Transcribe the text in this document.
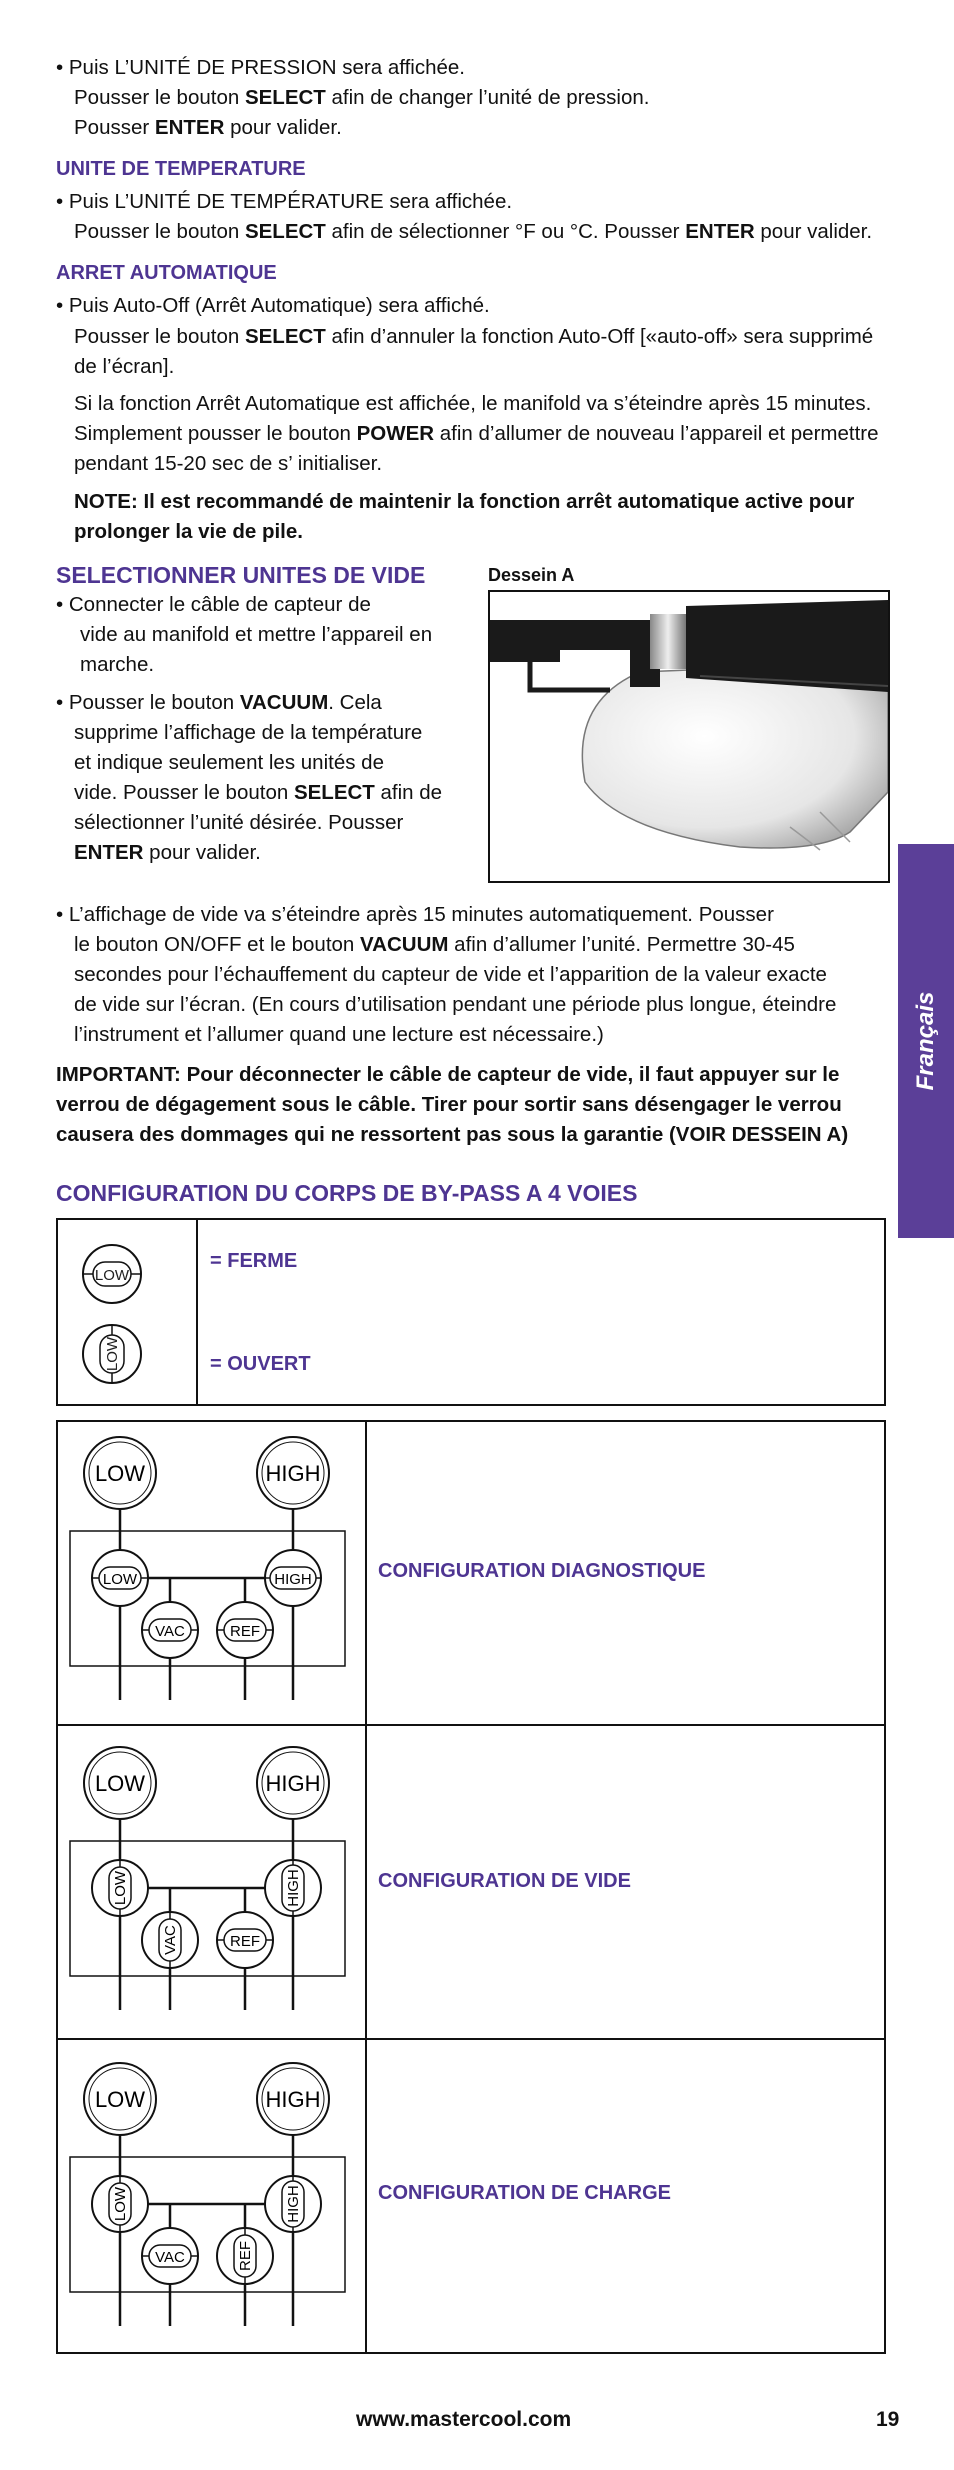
• Puis L’UNITÉ DE PRESSION sera affichée.
Pousser le bouton SELECT afin de changer l’unité de pression.
Pousser ENTER pour valider.
UNITE DE TEMPERATURE
• Puis L’UNITÉ DE TEMPÉRATURE sera affichée.
Pousser le bouton SELECT afin de sélectionner °F ou °C. Pousser ENTER pour valider.
ARRET AUTOMATIQUE
• Puis Auto-Off (Arrêt Automatique) sera affiché.
Pousser le bouton SELECT afin d’annuler la fonction Auto-Off [«auto-off» sera supprimé
de l’écran].
Si la fonction Arrêt Automatique est affichée, le manifold va s’éteindre après 15 minutes.
Simplement pousser le bouton POWER afin d’allumer de nouveau l’appareil et permettre
pendant 15-20 sec de s’ initialiser.
NOTE: Il est recommandé de maintenir la fonction arrêt automatique active pour
prolonger la vie de pile.
SELECTIONNER UNITES DE VIDE
• Connecter le câble de capteur de
vide au manifold et mettre l’appareil en
marche.
• Pousser le bouton VACUUM. Cela
supprime l’affichage de la température
et indique seulement les unités de
vide. Pousser le bouton SELECT afin de
sélectionner l’unité désirée. Pousser
ENTER pour valider.
Dessein A
• L’affichage de vide va s’éteindre après 15 minutes automatiquement. Pousser
le bouton ON/OFF et le bouton VACUUM afin d’allumer l’unité. Permettre 30-45
secondes pour l’échauffement du capteur de vide et l’apparition de la valeur exacte
de vide sur l’écran. (En cours d’utilisation pendant une période plus longue, éteindre
l’instrument et l’allumer quand une lecture est nécessaire.)
IMPORTANT: Pour déconnecter le câble de capteur de vide, il faut appuyer sur le
verrou de dégagement sous le câble. Tirer pour sortir sans désengager le verrou
causera des dommages qui ne ressortent pas sous la garantie (VOIR DESSEIN A)
Français
CONFIGURATION DU CORPS DE BY-PASS A 4 VOIES
LOW
LOW
= FERME
= OUVERT
LOW	HIGH
LOW	HIGH
VAC	REF
CONFIGURATION DIAGNOSTIQUE
LOW	HIGH
LOW	HIGH
VAC	REF
CONFIGURATION DE VIDE
LOW	HIGH
LOW	HIGH
VAC	REF
CONFIGURATION DE CHARGE
www.mastercool.com	19
